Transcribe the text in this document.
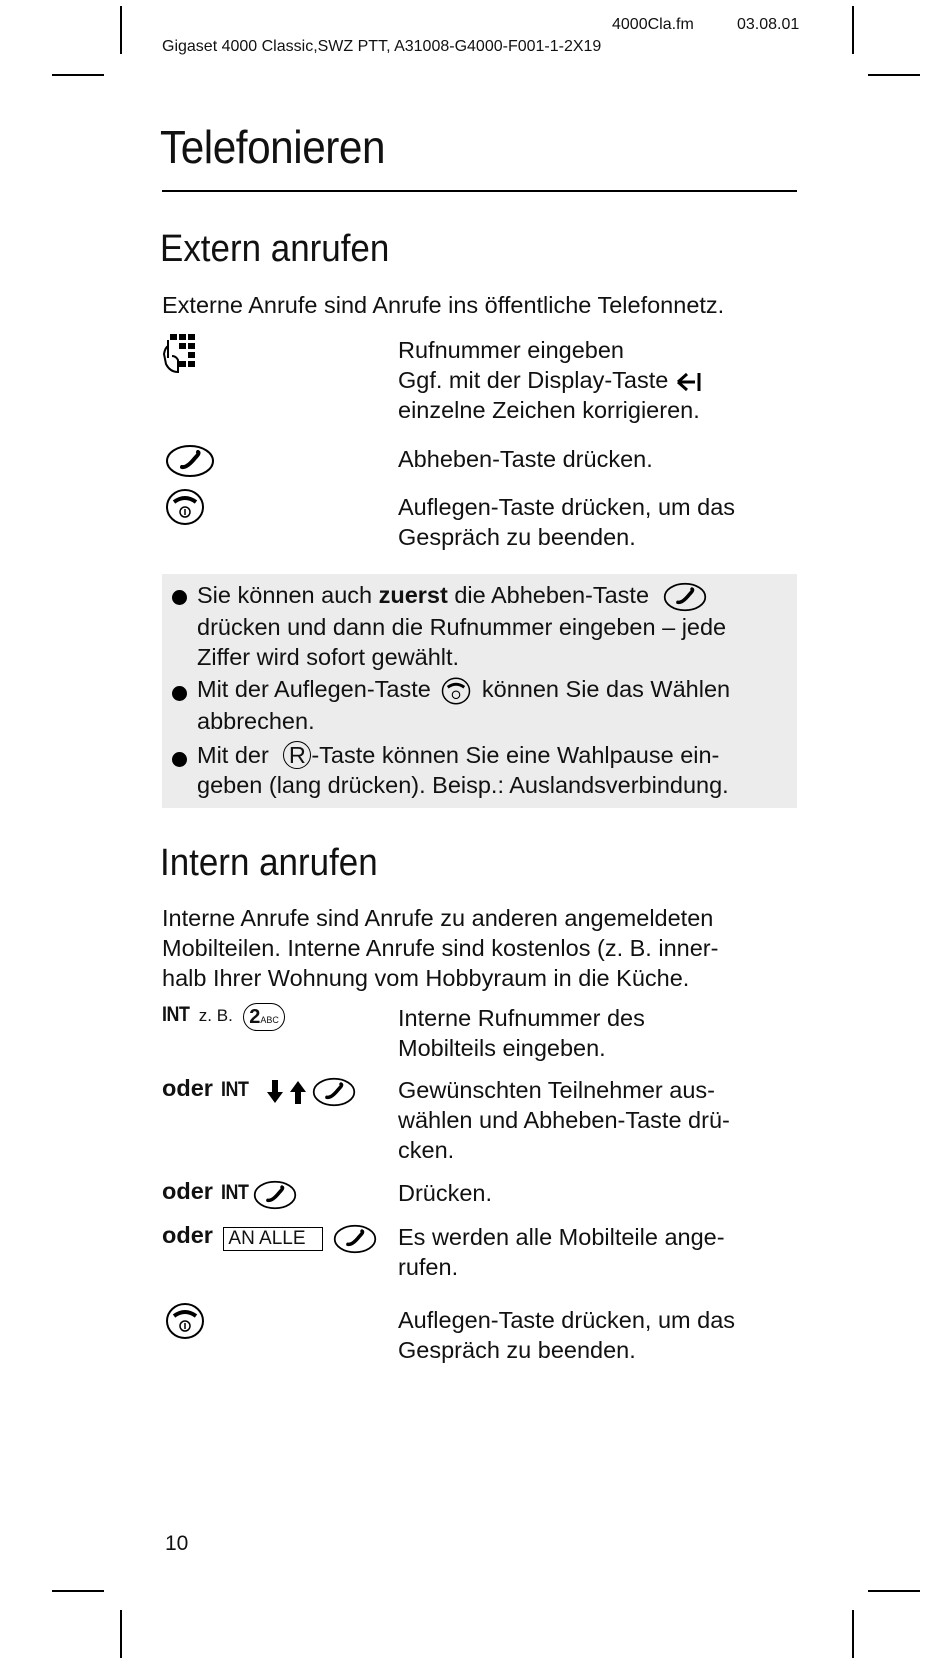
4000Cla.fm	03.08.01
Gigaset 4000 Classic,SWZ PTT, A31008-G4000-F001-1-2X19
Telefonieren
Extern anrufen
Externe Anrufe sind Anrufe ins öffentliche Telefonnetz.
Rufnummer eingeben
Ggf. mit der Display-Taste
einzelne Zeichen korrigieren.
Abheben-Taste drücken.
Auflegen-Taste drücken, um das
Gespräch zu beenden.
Sie können auch zuerst die Abheben-Taste
drücken und dann die Rufnummer eingeben – jede
Ziffer wird sofort gewählt.
Mit der Auflegen-Taste können Sie das Wählen
abbrechen.
Mit der R -Taste können Sie eine Wahlpause ein-
geben (lang drücken). Beisp.: Auslandsverbindung.
Intern anrufen
Interne Anrufe sind Anrufe zu anderen angemeldeten
Mobilteilen. Interne Anrufe sind kostenlos (z. B. inner-
halb Ihrer Wohnung vom Hobbyraum in die Küche.
INT z. B. 2ABC	Interne Rufnummer des
Mobilteils eingeben.
oder INT	Gewünschten Teilnehmer aus-
wählen und Abheben-Taste drü-
cken.
oder INT	Drücken.
oder AN ALLE	Es werden alle Mobilteile ange-
rufen.
Auflegen-Taste drücken, um das
Gespräch zu beenden.
10
